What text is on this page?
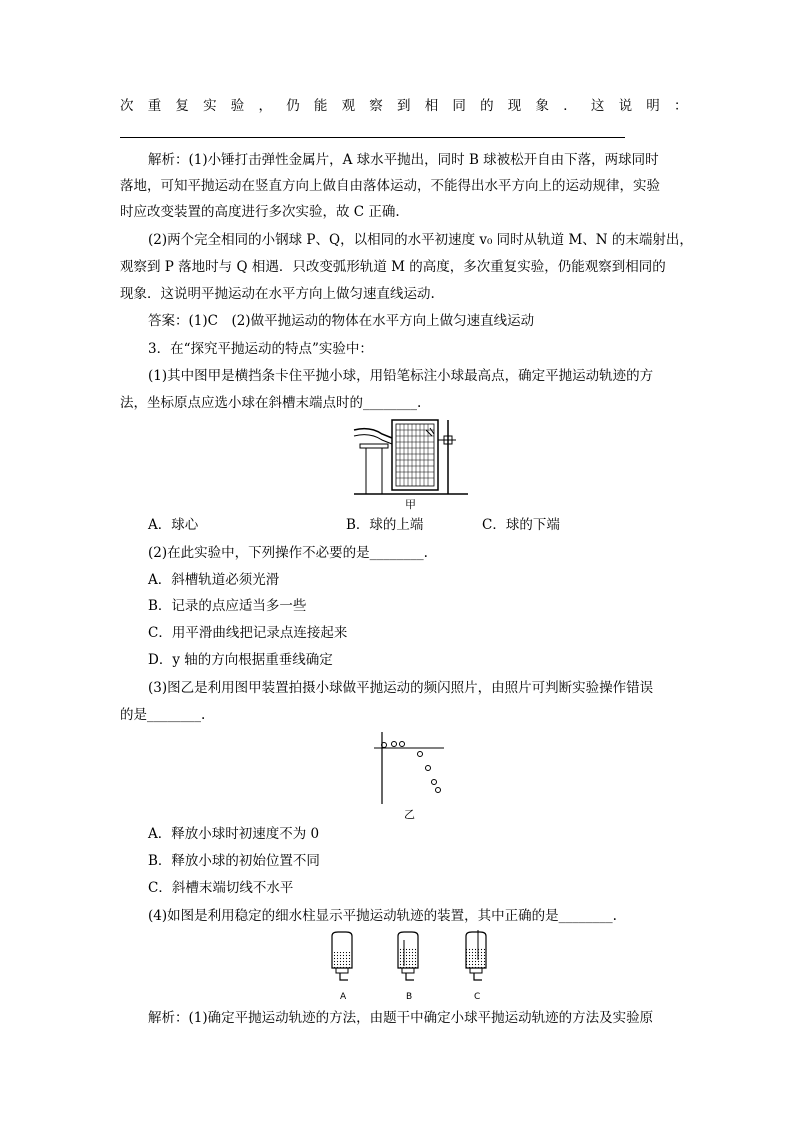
次重复实验，仍能观察到相同的现象．这说明：
解析：(1)小锤打击弹性金属片，A 球水平抛出，同时 B 球被松开自由下落，两球同时
落地，可知平抛运动在竖直方向上做自由落体运动，不能得出水平方向上的运动规律，实验
时应改变装置的高度进行多次实验，故 C 正确.
(2)两个完全相同的小钢球 P、Q，以相同的水平初速度 v₀ 同时从轨道 M、N 的末端射出，
观察到 P 落地时与 Q 相遇．只改变弧形轨道 M 的高度，多次重复实验，仍能观察到相同的
现象．这说明平抛运动在水平方向上做匀速直线运动.
答案：(1)C　(2)做平抛运动的物体在水平方向上做匀速直线运动
3．在“探究平抛运动的特点”实验中：
(1)其中图甲是横挡条卡住平抛小球，用铅笔标注小球最高点，确定平抛运动轨迹的方
法，坐标原点应选小球在斜槽末端点时的________.
甲
A．球心	B．球的上端	C．球的下端
(2)在此实验中，下列操作不必要的是________.
A．斜槽轨道必须光滑
B．记录的点应适当多一些
C．用平滑曲线把记录点连接起来
D．y 轴的方向根据重垂线确定
(3)图乙是利用图甲装置拍摄小球做平抛运动的频闪照片，由照片可判断实验操作错误
的是________.
乙
A．释放小球时初速度不为 0
B．释放小球的初始位置不同
C．斜槽末端切线不水平
(4)如图是利用稳定的细水柱显示平抛运动轨迹的装置，其中正确的是________.
A	B	C
解析：(1)确定平抛运动轨迹的方法，由题干中确定小球平抛运动轨迹的方法及实验原
